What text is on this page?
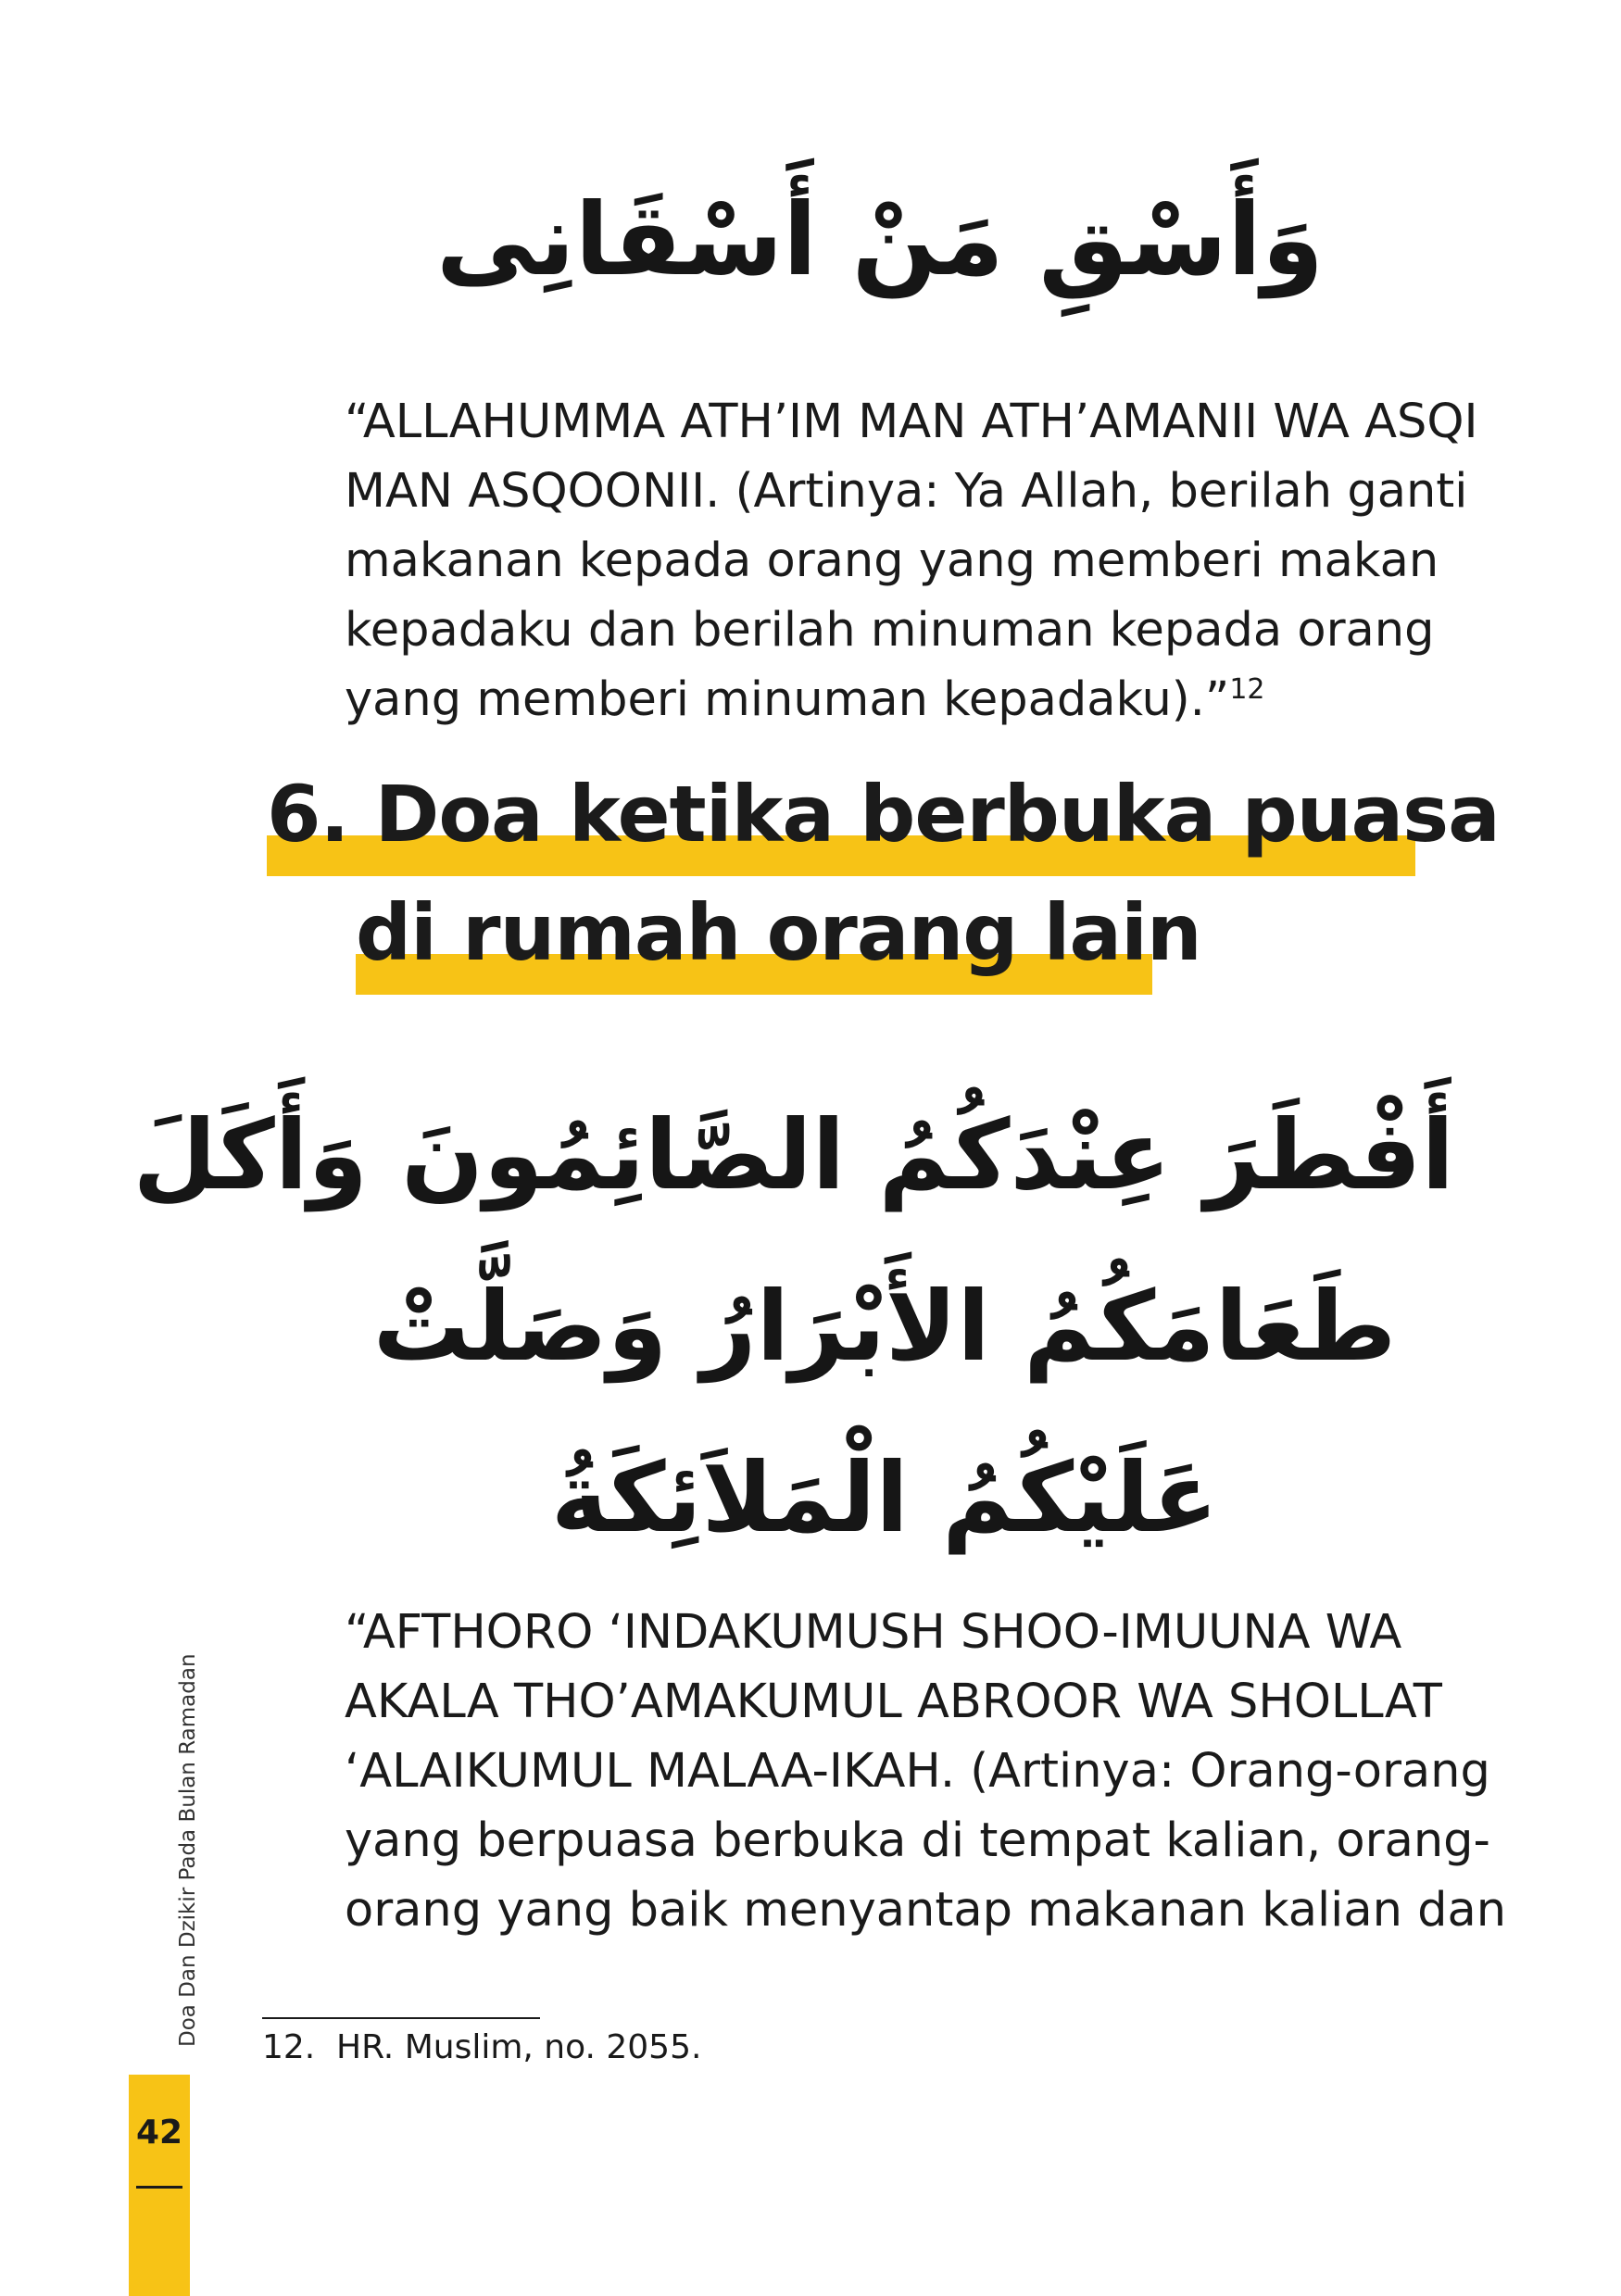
وَأَسْقِ مَنْ أَسْقَانِى
“ALLAHUMMA ATH’IM MAN ATH’AMANII WA ASQI
MAN ASQOONII. (Artinya: Ya Allah, berilah ganti
makanan kepada orang yang memberi makan
kepadaku dan berilah minuman kepada orang
yang memberi minuman kepadaku).”$^{12}$
6. Doa ketika berbuka puasa
di rumah orang lain
أَفْطَرَ عِنْدَكُمُ الصَّائِمُونَ وَأَكَلَ
طَعَامَكُمُ الأَبْرَارُ وَصَلَّتْ
عَلَيْكُمُ الْمَلاَئِكَةُ
“AFTHORO ‘INDAKUMUSH SHOO-IMUUNA WA
AKALA THO’AMAKUMUL ABROOR WA SHOLLAT
‘ALAIKUMUL MALAA-IKAH. (Artinya: Orang-orang
yang berpuasa berbuka di tempat kalian, orang-
orang yang baik menyantap makanan kalian dan
12. HR. Muslim, no. 2055.
Doa Dan Dzikir Pada Bulan Ramadan
42
